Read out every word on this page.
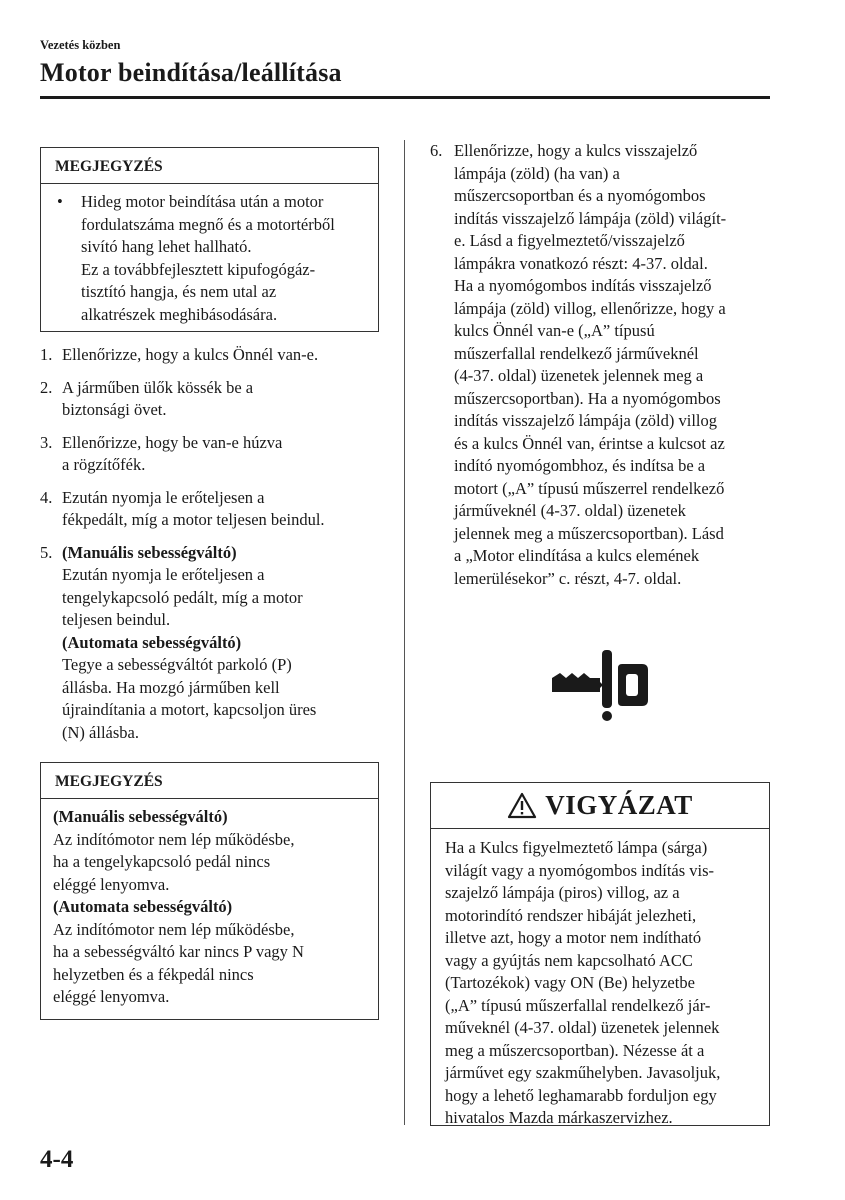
Vezetés közben
Motor beindítása/leállítása
MEGJEGYZÉS
•	Hideg motor beindítása után a motor
fordulatszáma megnő és a motortérből
sivító hang lehet hallható.
Ez a továbbfejlesztett kipufogógáz-
tisztító hangja, és nem utal az
alkatrészek meghibásodására.
1. Ellenőrizze, hogy a kulcs Önnél van-e.
2. A járműben ülők kössék be a
biztonsági övet.
3. Ellenőrizze, hogy be van-e húzva
a rögzítőfék.
4. Ezután nyomja le erőteljesen a
fékpedált, míg a motor teljesen beindul.
5. (Manuális sebességváltó)
Ezután nyomja le erőteljesen a
tengelykapcsoló pedált, míg a motor
teljesen beindul.
(Automata sebességváltó)
Tegye a sebességváltót parkoló (P)
állásba. Ha mozgó járműben kell
újraindítania a motort, kapcsoljon üres
(N) állásba.
MEGJEGYZÉS
(Manuális sebességváltó)
Az indítómotor nem lép működésbe,
ha a tengelykapcsoló pedál nincs
eléggé lenyomva.
(Automata sebességváltó)
Az indítómotor nem lép működésbe,
ha a sebességváltó kar nincs P vagy N
helyzetben és a fékpedál nincs
eléggé lenyomva.
6. Ellenőrizze, hogy a kulcs visszajelző
lámpája (zöld) (ha van) a
műszercsoportban és a nyomógombos
indítás visszajelző lámpája (zöld) világít-
e. Lásd a figyelmeztető/visszajelző
lámpákra vonatkozó részt: 4-37. oldal.
Ha a nyomógombos indítás visszajelző
lámpája (zöld) villog, ellenőrizze, hogy a
kulcs Önnél van-e („A” típusú
műszerfallal rendelkező járműveknél
(4-37. oldal) üzenetek jelennek meg a
műszercsoportban). Ha a nyomógombos
indítás visszajelző lámpája (zöld) villog
és a kulcs Önnél van, érintse a kulcsot az
indító nyomógombhoz, és indítsa be a
motort („A” típusú műszerrel rendelkező
járműveknél (4-37. oldal) üzenetek
jelennek meg a műszercsoportban). Lásd
a „Motor elindítása a kulcs elemének
lemerülésekor” c. részt, 4-7. oldal.
VIGYÁZAT
Ha a Kulcs figyelmeztető lámpa (sárga)
világít vagy a nyomógombos indítás vis-
szajelző lámpája (piros) villog, az a
motorindító rendszer hibáját jelezheti,
illetve azt, hogy a motor nem indítható
vagy a gyújtás nem kapcsolható ACC
(Tartozékok) vagy ON (Be) helyzetbe
(„A” típusú műszerfallal rendelkező jár-
műveknél (4-37. oldal) üzenetek jelennek
meg a műszercsoportban). Nézesse át a
járművet egy szakműhelyben. Javasoljuk,
hogy a lehető leghamarabb forduljon egy
hivatalos Mazda márkaszervizhez.
4-4
